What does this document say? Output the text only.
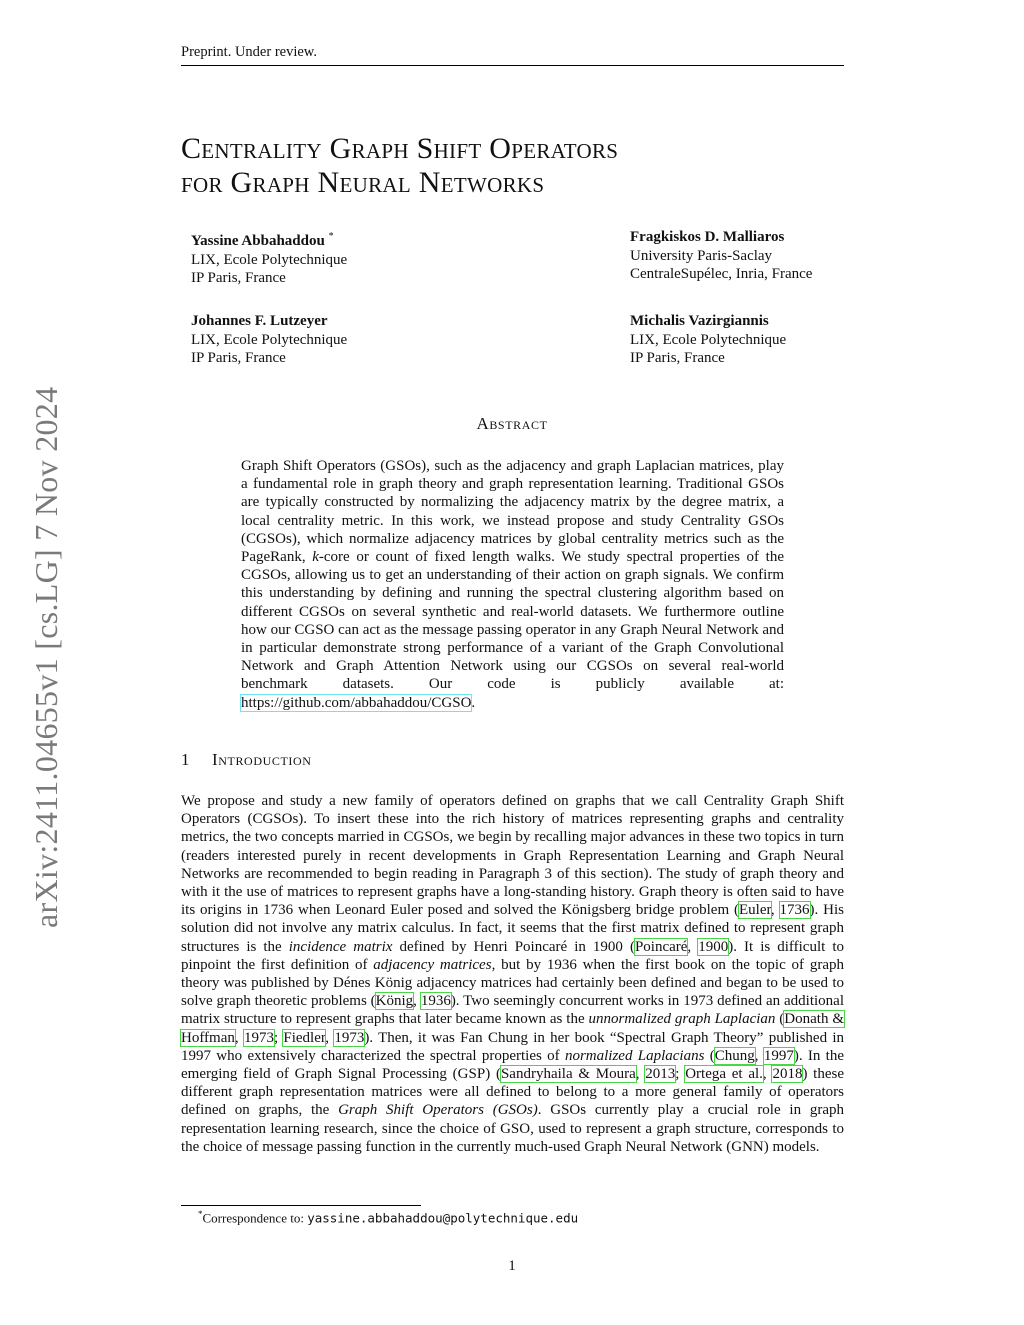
Preprint. Under review.
arXiv:2411.04655v1 [cs.LG] 7 Nov 2024
Centrality Graph Shift Operators
for Graph Neural Networks
Yassine Abbahaddou *
LIX, Ecole Polytechnique
IP Paris, France
Fragkiskos D. Malliaros
University Paris-Saclay
CentraleSupélec, Inria, France
Johannes F. Lutzeyer
LIX, Ecole Polytechnique
IP Paris, France
Michalis Vazirgiannis
LIX, Ecole Polytechnique
IP Paris, France
Abstract
Graph Shift Operators (GSOs), such as the adjacency and graph Laplacian matrices, play a fundamental role in graph theory and graph representation learning. Traditional GSOs are typically constructed by normalizing the adjacency matrix by the degree matrix, a local centrality metric. In this work, we instead propose and study Centrality GSOs (CGSOs), which normalize adjacency matrices by global centrality metrics such as the PageRank, k-core or count of fixed length walks. We study spectral properties of the CGSOs, allowing us to get an understanding of their action on graph signals. We confirm this understanding by defining and running the spectral clustering algorithm based on different CGSOs on several synthetic and real-world datasets. We furthermore outline how our CGSO can act as the message passing operator in any Graph Neural Network and in particular demonstrate strong performance of a variant of the Graph Convolutional Network and Graph Attention Network using our CGSOs on several real-world benchmark datasets. Our code is publicly available at: https://github.com/abbahaddou/CGSO.
1 Introduction
We propose and study a new family of operators defined on graphs that we call Centrality Graph Shift Operators (CGSOs). To insert these into the rich history of matrices representing graphs and centrality metrics, the two concepts married in CGSOs, we begin by recalling major advances in these two topics in turn (readers interested purely in recent developments in Graph Representation Learning and Graph Neural Networks are recommended to begin reading in Paragraph 3 of this section). The study of graph theory and with it the use of matrices to represent graphs have a long-standing history. Graph theory is often said to have its origins in 1736 when Leonard Euler posed and solved the Königsberg bridge problem (Euler, 1736). His solution did not involve any matrix calculus. In fact, it seems that the first matrix defined to represent graph structures is the incidence matrix defined by Henri Poincaré in 1900 (Poincaré, 1900). It is difficult to pinpoint the first definition of adjacency matrices, but by 1936 when the first book on the topic of graph theory was published by Dénes König adjacency matrices had certainly been defined and began to be used to solve graph theoretic problems (König, 1936). Two seemingly concurrent works in 1973 defined an additional matrix structure to represent graphs that later became known as the unnormalized graph Laplacian (Donath & Hoffman, 1973; Fiedler, 1973). Then, it was Fan Chung in her book “Spectral Graph Theory” published in 1997 who extensively characterized the spectral properties of normalized Laplacians (Chung, 1997). In the emerging field of Graph Signal Processing (GSP) (Sandryhaila & Moura, 2013; Ortega et al., 2018) these different graph representation matrices were all defined to belong to a more general family of operators defined on graphs, the Graph Shift Operators (GSOs). GSOs currently play a crucial role in graph representation learning research, since the choice of GSO, used to represent a graph structure, corresponds to the choice of message passing function in the currently much-used Graph Neural Network (GNN) models.
*Correspondence to: yassine.abbahaddou@polytechnique.edu
1
